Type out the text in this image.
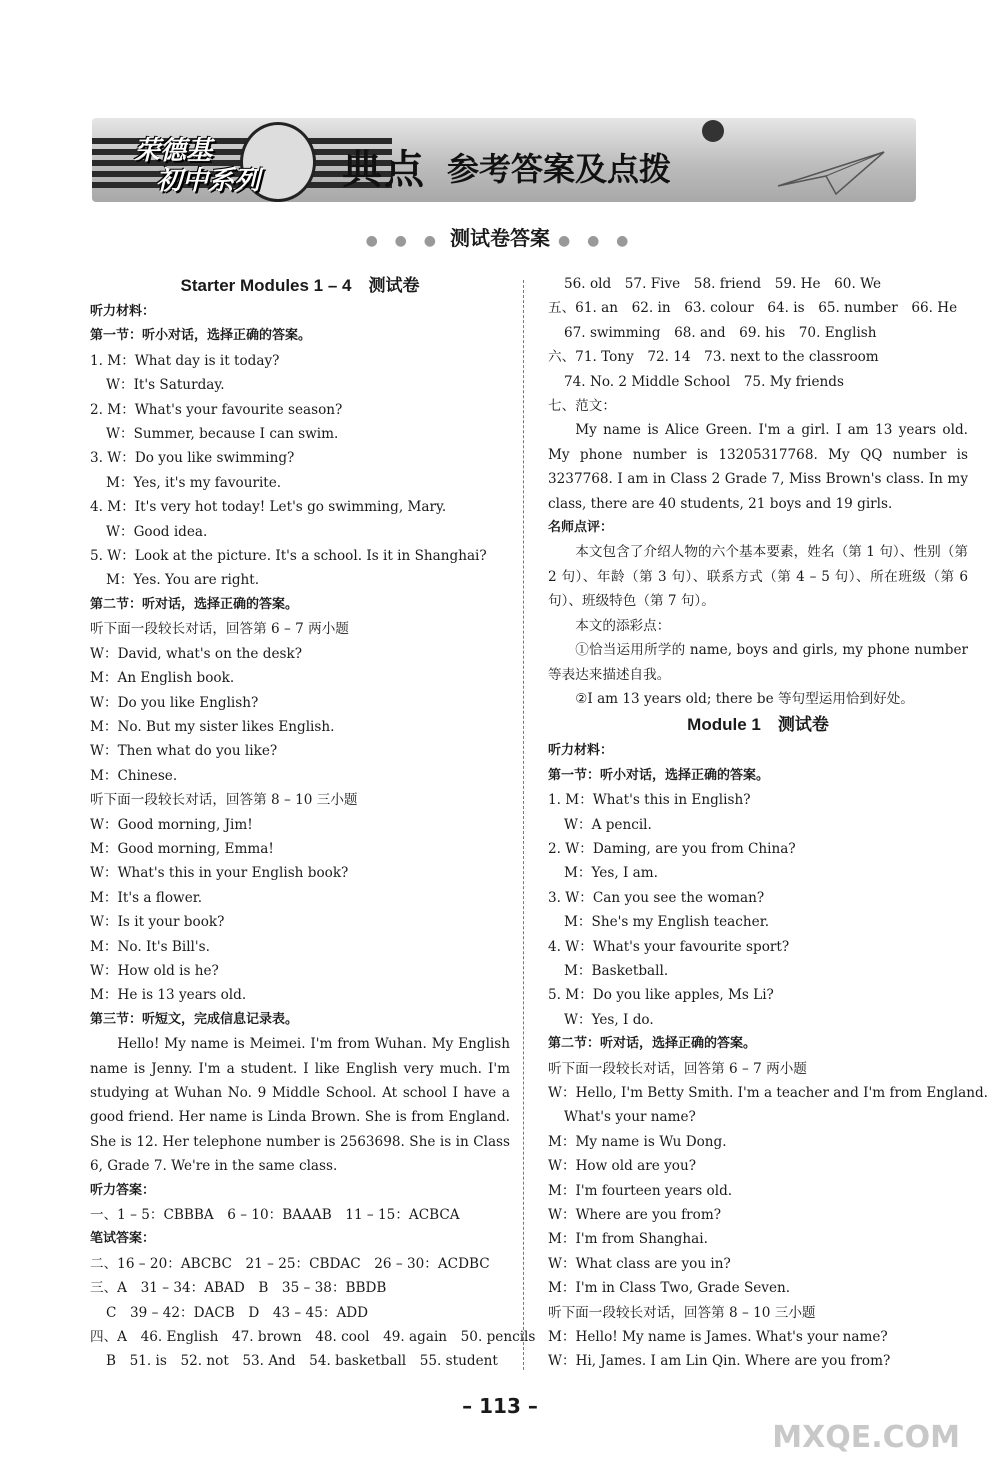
荣德基
初中系列 典点 参考答案及点拨
● ● ● 测试卷答案 ● ● ●
Starter Modules 1 – 4　测试卷
听力材料：
第一节：听小对话，选择正确的答案。
1. M：What day is it today?
W：It's Saturday.
2. M：What's your favourite season?
W：Summer, because I can swim.
3. W：Do you like swimming?
M：Yes, it's my favourite.
4. M：It's very hot today! Let's go swimming, Mary.
W：Good idea.
5. W：Look at the picture. It's a school. Is it in Shanghai?
M：Yes. You are right.
第二节：听对话，选择正确的答案。
听下面一段较长对话，回答第 6 – 7 两小题
W：David, what's on the desk?
M：An English book.
W：Do you like English?
M：No. But my sister likes English.
W：Then what do you like?
M：Chinese.
听下面一段较长对话，回答第 8 – 10 三小题
W：Good morning, Jim!
M：Good morning, Emma!
W：What's this in your English book?
M：It's a flower.
W：Is it your book?
M：No. It's Bill's.
W：How old is he?
M：He is 13 years old.
第三节：听短文，完成信息记录表。
Hello! My name is Meimei. I'm from Wuhan. My English name is Jenny. I'm a student. I like English very much. I'm studying at Wuhan No. 9 Middle School. At school I have a good friend. Her name is Linda Brown. She is from England. She is 12. Her telephone number is 2563698. She is in Class 6, Grade 7. We're in the same class.
听力答案：
一、1 – 5：CBBBA　6 – 10：BAAAB　11 – 15：ACBCA
笔试答案：
二、16 – 20：ABCBC　21 – 25：CBDAC　26 – 30：ACDBC
三、A　31 – 34：ABAD　B　35 – 38：BBDB
C　39 – 42：DACB　D　43 – 45：ADD
四、A　46. English　47. brown　48. cool　49. again　50. pencils
B　51. is　52. not　53. And　54. basketball　55. student
56. old　57. Five　58. friend　59. He　60. We
五、61. an　62. in　63. colour　64. is　65. number　66. He
67. swimming　68. and　69. his　70. English
六、71. Tony　72. 14　73. next to the classroom
74. No. 2 Middle School　75. My friends
七、范文：
My name is Alice Green. I'm a girl. I am 13 years old. My phone number is 13205317768. My QQ number is 3237768. I am in Class 2 Grade 7, Miss Brown's class. In my class, there are 40 students, 21 boys and 19 girls.
名师点评：
本文包含了介绍人物的六个基本要素，姓名（第 1 句）、性别（第 2 句）、年龄（第 3 句）、联系方式（第 4 – 5 句）、所在班级（第 6 句）、班级特色（第 7 句）。
本文的添彩点：
①恰当运用所学的 name, boys and girls, my phone number 等表达来描述自我。
②I am 13 years old; there be 等句型运用恰到好处。
Module 1　测试卷
听力材料：
第一节：听小对话，选择正确的答案。
1. M：What's this in English?
W：A pencil.
2. W：Daming, are you from China?
M：Yes, I am.
3. W：Can you see the woman?
M：She's my English teacher.
4. W：What's your favourite sport?
M：Basketball.
5. M：Do you like apples, Ms Li?
W：Yes, I do.
第二节：听对话，选择正确的答案。
听下面一段较长对话，回答第 6 – 7 两小题
W：Hello, I'm Betty Smith. I'm a teacher and I'm from England.
What's your name?
M：My name is Wu Dong.
W：How old are you?
M：I'm fourteen years old.
W：Where are you from?
M：I'm from Shanghai.
W：What class are you in?
M：I'm in Class Two, Grade Seven.
听下面一段较长对话，回答第 8 – 10 三小题
M：Hello! My name is James. What's your name?
W：Hi, James. I am Lin Qin. Where are you from?
– 113 –
MXQE.COM
